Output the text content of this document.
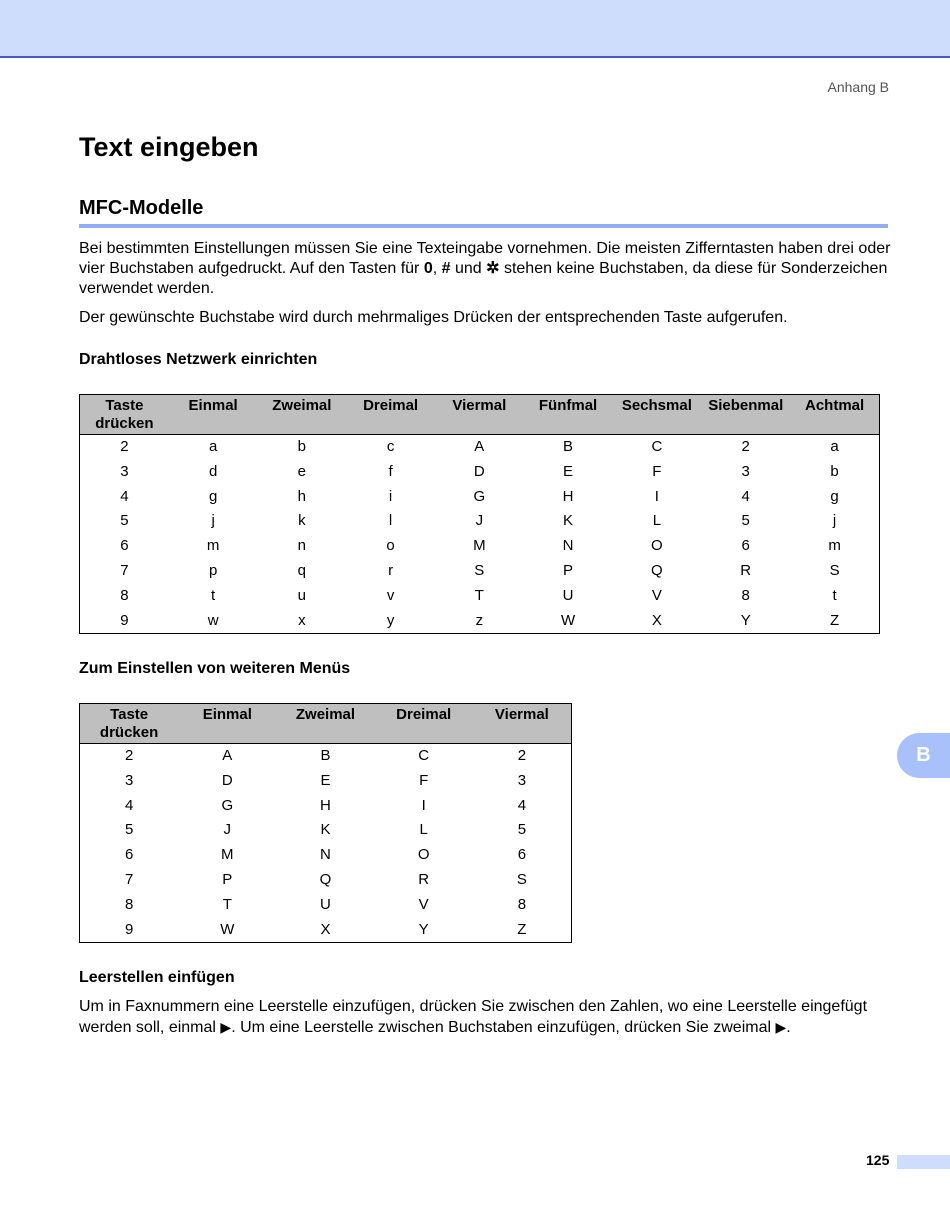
Anhang B
Text eingeben
MFC-Modelle

Bei bestimmten Einstellungen müssen Sie eine Texteingabe vornehmen. Die meisten Zifferntasten haben drei oder vier Buchstaben aufgedruckt. Auf den Tasten für 0, # und ✲ stehen keine Buchstaben, da diese für Sonderzeichen verwendet werden.

Der gewünschte Buchstabe wird durch mehrmaliges Drücken der entsprechenden Taste aufgerufen.

Drahtloses Netzwerk einrichten
Taste drücken	Einmal	Zweimal	Dreimal	Viermal	Fünfmal	Sechsmal	Siebenmal	Achtmal
2	a	b	c	A	B	C	2	a
3	d	e	f	D	E	F	3	b
4	g	h	i	G	H	I	4	g
5	j	k	l	J	K	L	5	j
6	m	n	o	M	N	O	6	m
7	p	q	r	S	P	Q	R	S
8	t	u	v	T	U	V	8	t
9	w	x	y	z	W	X	Y	Z
Zum Einstellen von weiteren Menüs
Taste drücken	Einmal	Zweimal	Dreimal	Viermal
2	A	B	C	2
3	D	E	F	3
4	G	H	I	4
5	J	K	L	5
6	M	N	O	6
7	P	Q	R	S
8	T	U	V	8
9	W	X	Y	Z
Leerstellen einfügen

Um in Faxnummern eine Leerstelle einzufügen, drücken Sie zwischen den Zahlen, wo eine Leerstelle eingefügt werden soll, einmal ▶. Um eine Leerstelle zwischen Buchstaben einzufügen, drücken Sie zweimal ▶.

B
125
